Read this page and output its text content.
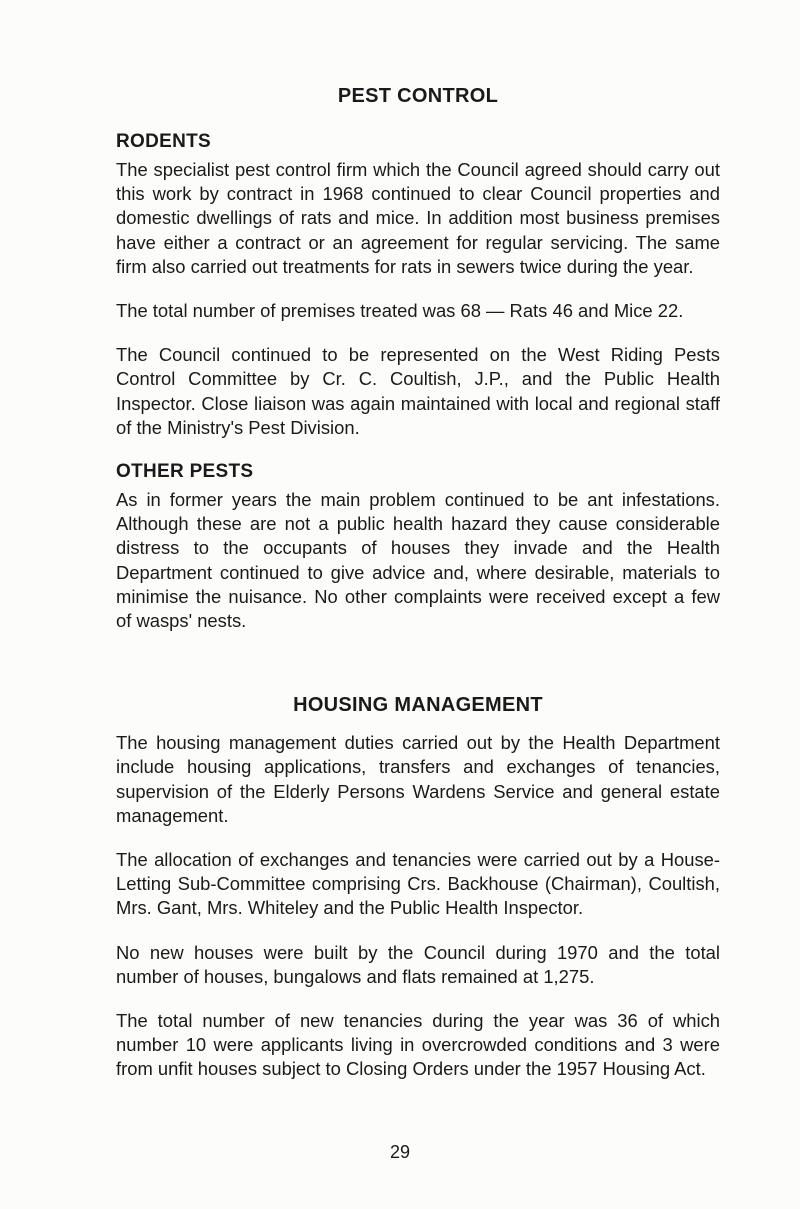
PEST CONTROL
RODENTS

The specialist pest control firm which the Council agreed should carry out this work by contract in 1968 continued to clear Council properties and domestic dwellings of rats and mice. In addition most business premises have either a contract or an agreement for regular servicing. The same firm also carried out treatments for rats in sewers twice during the year.

The total number of premises treated was 68 — Rats 46 and Mice 22.

The Council continued to be represented on the West Riding Pests Control Committee by Cr. C. Coultish, J.P., and the Public Health Inspector. Close liaison was again maintained with local and regional staff of the Ministry's Pest Division.

OTHER PESTS

As in former years the main problem continued to be ant infestations. Although these are not a public health hazard they cause considerable distress to the occupants of houses they invade and the Health Department continued to give advice and, where desirable, materials to minimise the nuisance. No other complaints were received except a few of wasps' nests.

HOUSING MANAGEMENT

The housing management duties carried out by the Health Department include housing applications, transfers and exchanges of tenancies, supervision of the Elderly Persons Wardens Service and general estate management.

The allocation of exchanges and tenancies were carried out by a House-Letting Sub-Committee comprising Crs. Backhouse (Chairman), Coultish, Mrs. Gant, Mrs. Whiteley and the Public Health Inspector.

No new houses were built by the Council during 1970 and the total number of houses, bungalows and flats remained at 1,275.

The total number of new tenancies during the year was 36 of which number 10 were applicants living in overcrowded conditions and 3 were from unfit houses subject to Closing Orders under the 1957 Housing Act.

29
